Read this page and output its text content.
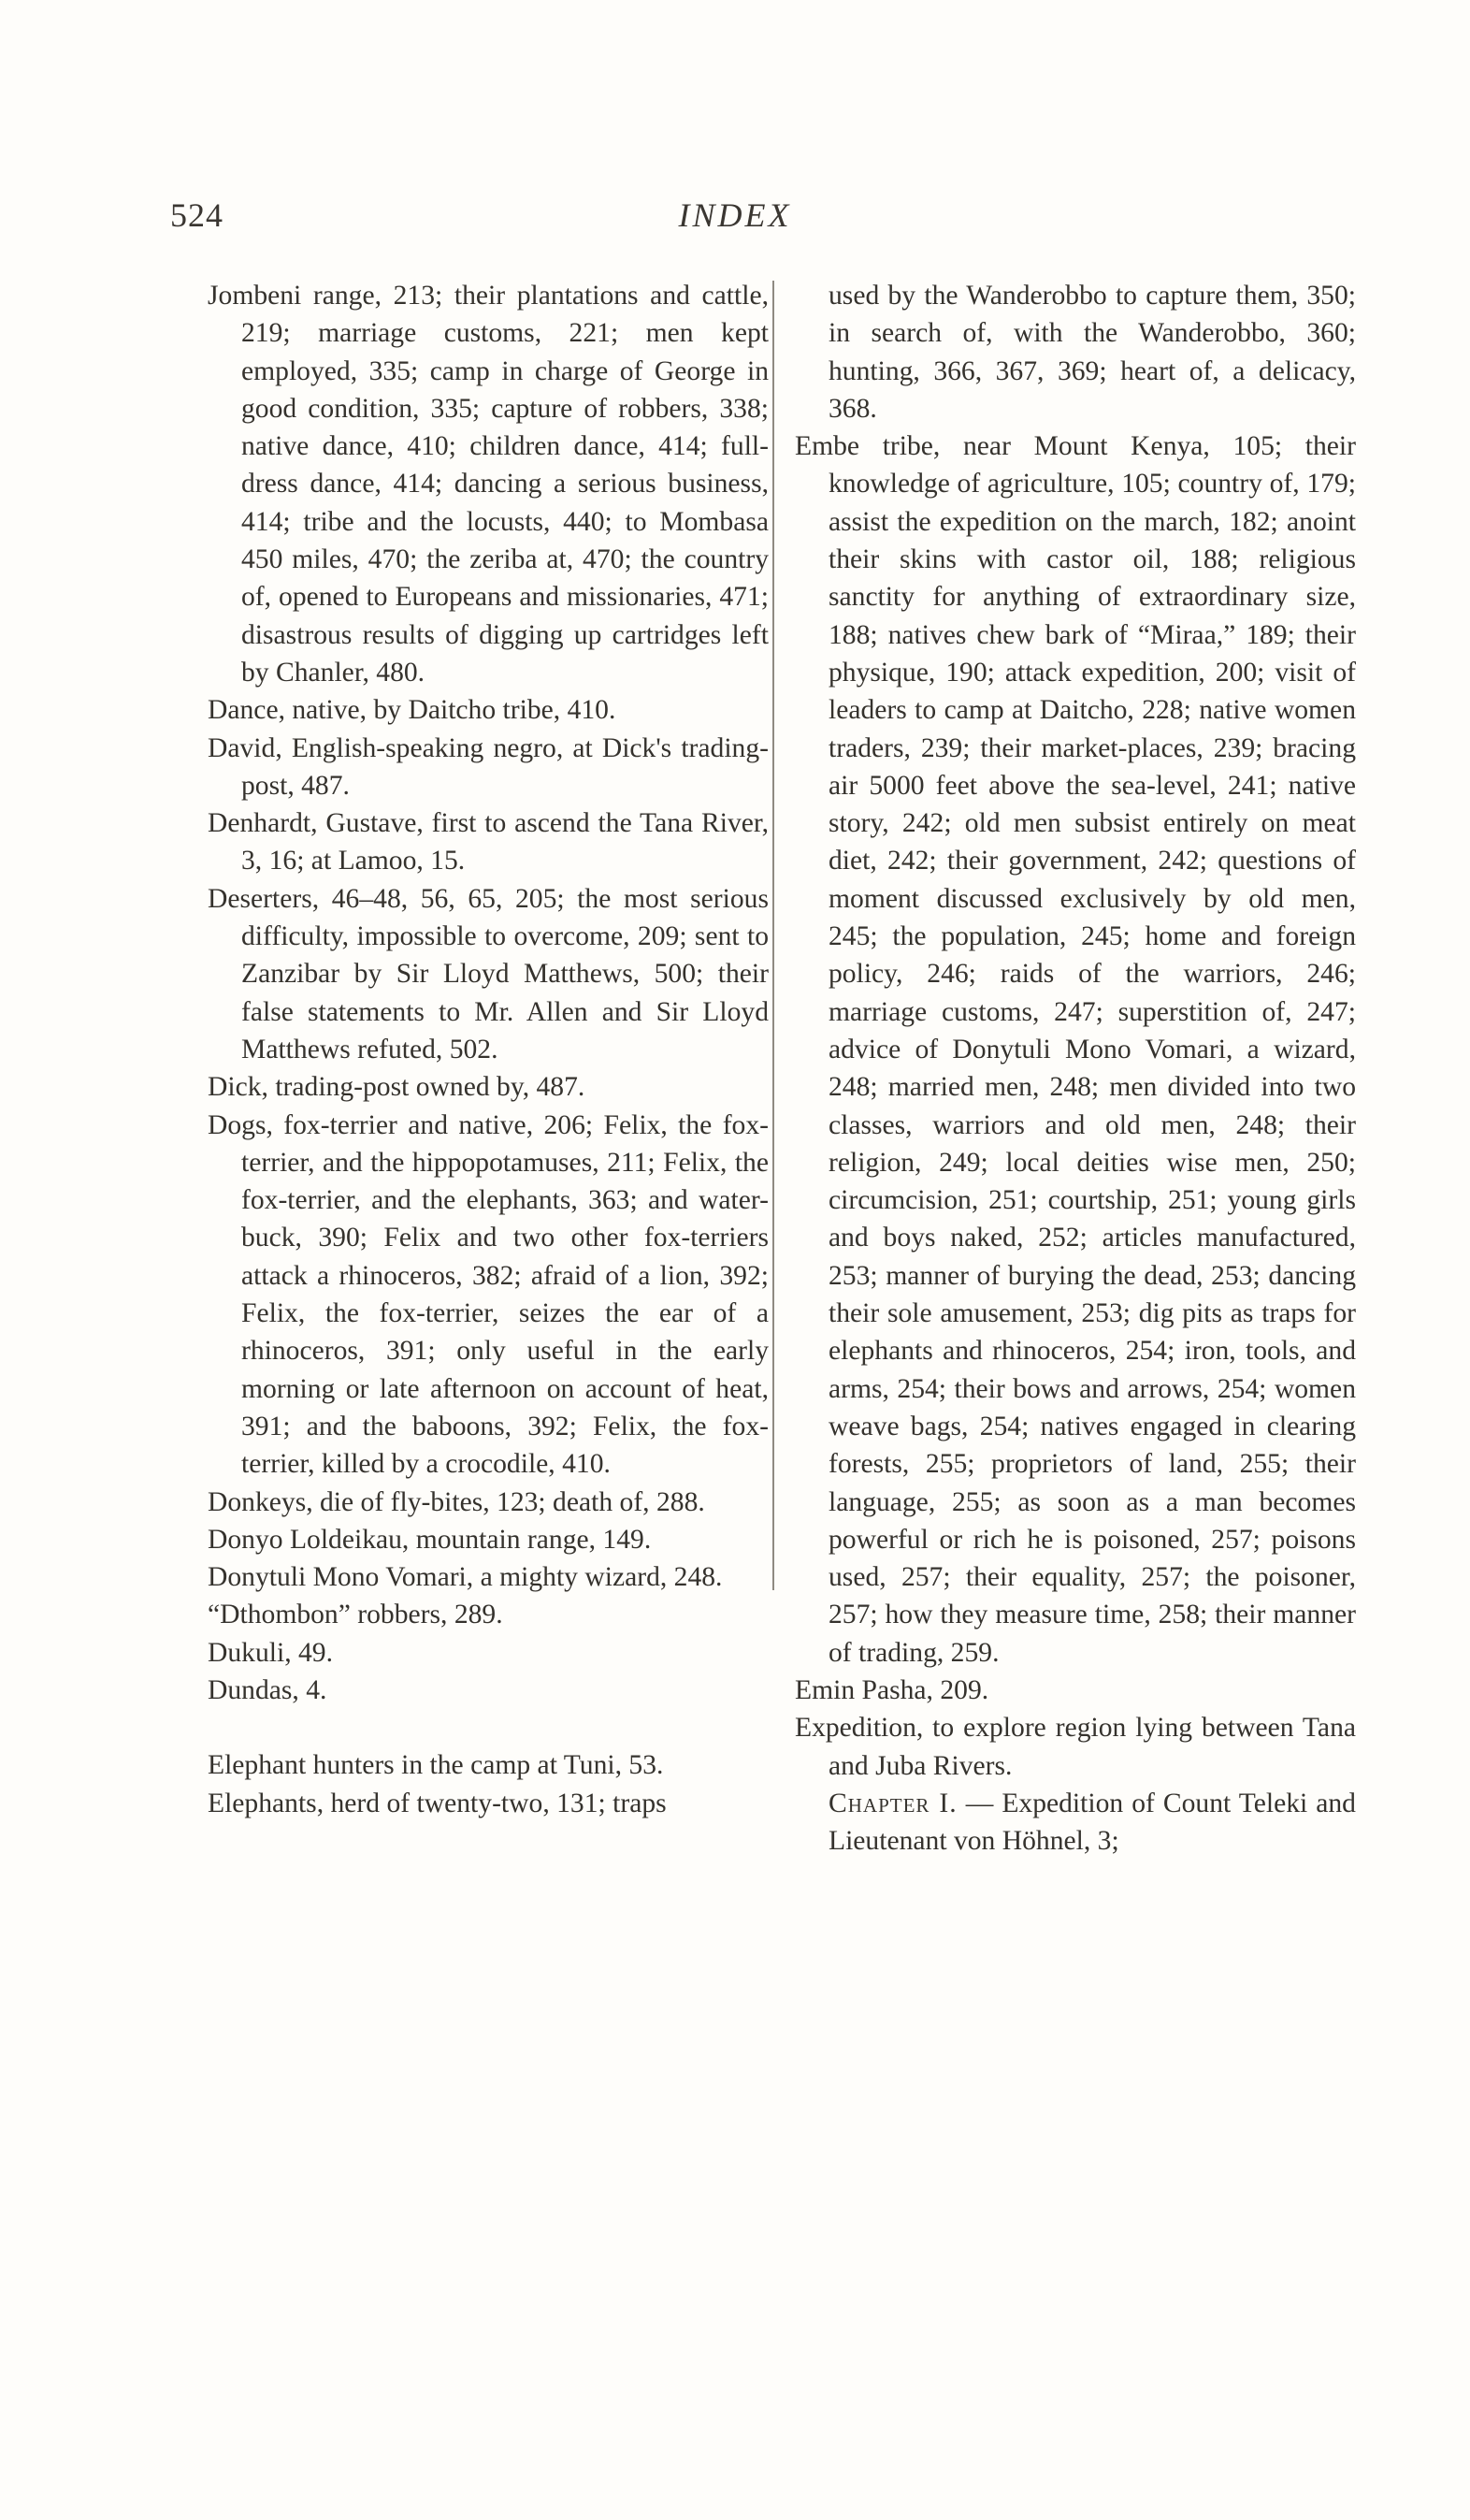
524	INDEX

Jombeni range, 213; their plantations and cattle, 219; marriage customs, 221; men kept employed, 335; camp in charge of George in good condition, 335; capture of robbers, 338; native dance, 410; children dance, 414; full-dress dance, 414; dancing a serious business, 414; tribe and the locusts, 440; to Mombasa 450 miles, 470; the zeriba at, 470; the country of, opened to Europeans and missionaries, 471; disastrous results of digging up cartridges left by Chanler, 480.

Dance, native, by Daitcho tribe, 410.

David, English-speaking negro, at Dick's trading-post, 487.

Denhardt, Gustave, first to ascend the Tana River, 3, 16; at Lamoo, 15.

Deserters, 46–48, 56, 65, 205; the most serious difficulty, impossible to overcome, 209; sent to Zanzibar by Sir Lloyd Matthews, 500; their false statements to Mr. Allen and Sir Lloyd Matthews refuted, 502.

Dick, trading-post owned by, 487.

Dogs, fox-terrier and native, 206; Felix, the fox-terrier, and the hippopotamuses, 211; Felix, the fox-terrier, and the elephants, 363; and water-buck, 390; Felix and two other fox-terriers attack a rhinoceros, 382; afraid of a lion, 392; Felix, the fox-terrier, seizes the ear of a rhinoceros, 391; only useful in the early morning or late afternoon on account of heat, 391; and the baboons, 392; Felix, the fox-terrier, killed by a crocodile, 410.

Donkeys, die of fly-bites, 123; death of, 288.

Donyo Loldeikau, mountain range, 149.

Donytuli Mono Vomari, a mighty wizard, 248.

“Dthombon” robbers, 289.

Dukuli, 49.

Dundas, 4.

Elephant hunters in the camp at Tuni, 53.

Elephants, herd of twenty-two, 131; traps

used by the Wanderobbo to capture them, 350; in search of, with the Wanderobbo, 360; hunting, 366, 367, 369; heart of, a delicacy, 368.

Embe tribe, near Mount Kenya, 105; their knowledge of agriculture, 105; country of, 179; assist the expedition on the march, 182; anoint their skins with castor oil, 188; religious sanctity for anything of extraordinary size, 188; natives chew bark of “Miraa,” 189; their physique, 190; attack expedition, 200; visit of leaders to camp at Daitcho, 228; native women traders, 239; their market-places, 239; bracing air 5000 feet above the sea-level, 241; native story, 242; old men subsist entirely on meat diet, 242; their government, 242; questions of moment discussed exclusively by old men, 245; the population, 245; home and foreign policy, 246; raids of the warriors, 246; marriage customs, 247; superstition of, 247; advice of Donytuli Mono Vomari, a wizard, 248; married men, 248; men divided into two classes, warriors and old men, 248; their religion, 249; local deities wise men, 250; circumcision, 251; courtship, 251; young girls and boys naked, 252; articles manufactured, 253; manner of burying the dead, 253; dancing their sole amusement, 253; dig pits as traps for elephants and rhinoceros, 254; iron, tools, and arms, 254; their bows and arrows, 254; women weave bags, 254; natives engaged in clearing forests, 255; proprietors of land, 255; their language, 255; as soon as a man becomes powerful or rich he is poisoned, 257; poisons used, 257; their equality, 257; the poisoner, 257; how they measure time, 258; their manner of trading, 259.

Emin Pasha, 209.

Expedition, to explore region lying between Tana and Juba Rivers.

Chapter I. — Expedition of Count Teleki and Lieutenant von Höhnel, 3;
